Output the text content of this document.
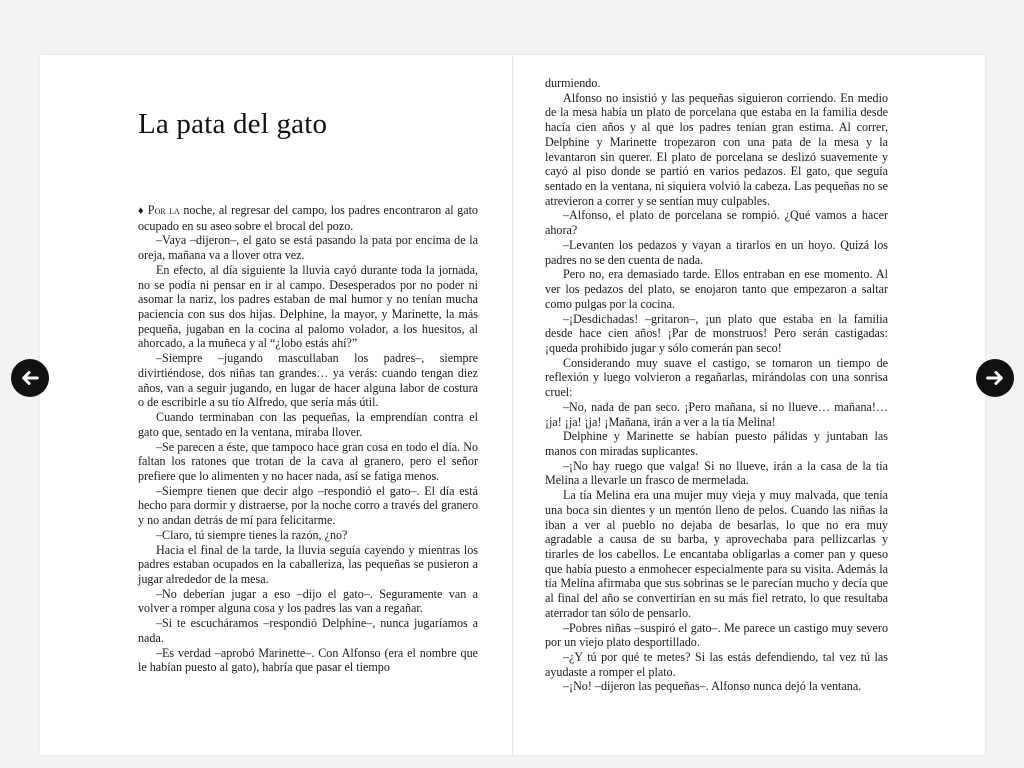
La pata del gato

♦ Por la noche, al regresar del campo, los padres encontraron al gato ocupado en su aseo sobre el brocal del pozo.

–Vaya –dijeron–, el gato se está pasando la pata por encima de la oreja, mañana va a llover otra vez.

En efecto, al día siguiente la lluvia cayó durante toda la jornada, no se podía ni pensar en ir al campo. Desesperados por no poder ni asomar la nariz, los padres estaban de mal humor y no tenían mucha paciencia con sus dos hijas. Delphine, la mayor, y Marinette, la más pequeña, jugaban en la cocina al palomo volador, a los huesitos, al ahorcado, a la muñeca y al “¿lobo estás ahí?”

–Siempre –jugando mascullaban los padres–, siempre divirtiéndose, dos niñas tan grandes… ya verás: cuando tengan diez años, van a seguir jugando, en lugar de hacer alguna labor de costura o de escribirle a su tío Alfredo, que sería más útil.

Cuando terminaban con las pequeñas, la emprendían contra el gato que, sentado en la ventana, miraba llover.

–Se parecen a éste, que tampoco hace gran cosa en todo el día. No faltan los ratones que trotan de la cava al granero, pero el señor prefiere que lo alimenten y no hacer nada, así se fatiga menos.

–Siempre tienen que decir algo –respondió el gato–. El día está hecho para dormir y distraerse, por la noche corro a través del granero y no andan detrás de mí para felicitarme.

–Claro, tú siempre tienes la razón, ¿no?

Hacia el final de la tarde, la lluvia seguía cayendo y mientras los padres estaban ocupados en la caballeriza, las pequeñas se pusieron a jugar alrededor de la mesa.

–No deberían jugar a eso –dijo el gato–. Seguramente van a volver a romper alguna cosa y los padres las van a regañar.

–Si te escucháramos –respondió Delphine–, nunca jugaríamos a nada.

–Es verdad –aprobó Marinette–. Con Alfonso (era el nombre que le habían puesto al gato), habría que pasar el tiempo

durmiendo.

Alfonso no insistió y las pequeñas siguieron corriendo. En medio de la mesa había un plato de porcelana que estaba en la familia desde hacía cien años y al que los padres tenían gran estima. Al correr, Delphine y Marinette tropezaron con una pata de la mesa y la levantaron sin querer. El plato de porcelana se deslizó suavemente y cayó al piso donde se partió en varios pedazos. El gato, que seguía sentado en la ventana, ni siquiera volvió la cabeza. Las pequeñas no se atrevieron a correr y se sentían muy culpables.

–Alfonso, el plato de porcelana se rompió. ¿Qué vamos a hacer ahora?

–Levanten los pedazos y vayan a tirarlos en un hoyo. Quizá los padres no se den cuenta de nada.

Pero no, era demasiado tarde. Ellos entraban en ese momento. Al ver los pedazos del plato, se enojaron tanto que empezaron a saltar como pulgas por la cocina.

–¡Desdichadas! –gritaron–, ¡un plato que estaba en la familia desde hace cien años! ¡Par de monstruos! Pero serán castigadas: ¡queda prohibido jugar y sólo comerán pan seco!

Considerando muy suave el castigo, se tomaron un tiempo de reflexión y luego volvieron a regañarlas, mirándolas con una sonrisa cruel:

–No, nada de pan seco. ¡Pero mañana, si no llueve… mañana!… ¡ja! ¡ja! ¡ja! ¡Mañana, irán a ver a la tía Melina!

Delphine y Marinette se habían puesto pálidas y juntaban las manos con miradas suplicantes.

–¡No hay ruego que valga! Si no llueve, irán a la casa de la tía Melina a llevarle un frasco de mermelada.

La tía Melina era una mujer muy vieja y muy malvada, que tenía una boca sin dientes y un mentón lleno de pelos. Cuando las niñas la iban a ver al pueblo no dejaba de besarlas, lo que no era muy agradable a causa de su barba, y aprovechaba para pellizcarlas y tirarles de los cabellos. Le encantaba obligarlas a comer pan y queso que había puesto a enmohecer especialmente para su visita. Además la tía Melina afirmaba que sus sobrinas se le parecían mucho y decía que al final del año se convertirían en su más fiel retrato, lo que resultaba aterrador tan sólo de pensarlo.

–Pobres niñas –suspiró el gato–. Me parece un castigo muy severo por un viejo plato desportillado.

–¿Y tú por qué te metes? Si las estás defendiendo, tal vez tú las ayudaste a romper el plato.

–¡No! –dijeron las pequeñas–. Alfonso nunca dejó la ventana.
